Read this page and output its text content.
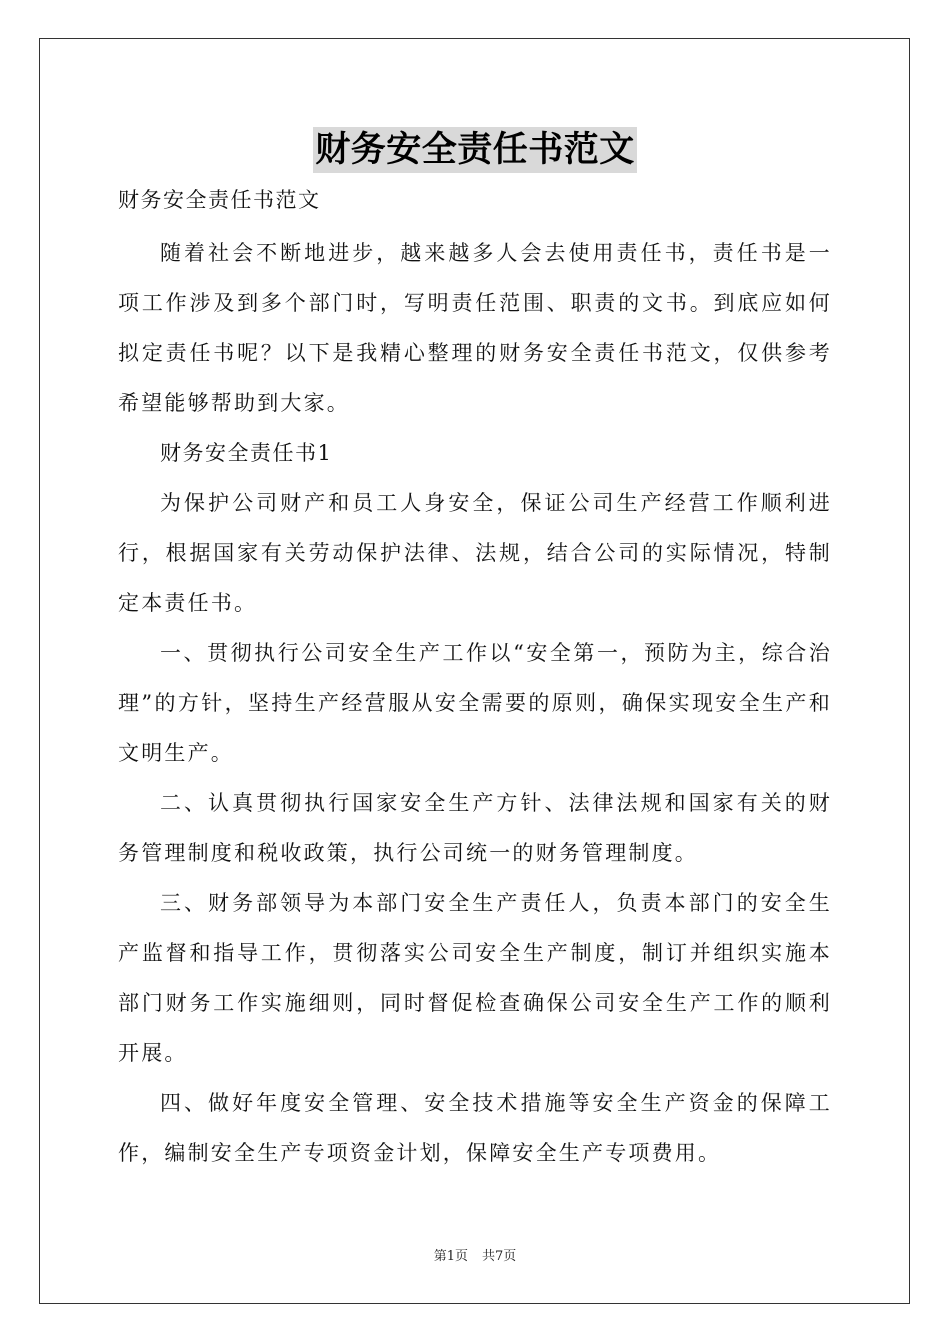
财务安全责任书范文

财务安全责任书范文

随着社会不断地进步，越来越多人会去使用责任书，责任书是一项工作涉及到多个部门时，写明责任范围、职责的文书。到底应如何拟定责任书呢？以下是我精心整理的财务安全责任书范文，仅供参考希望能够帮助到大家。

财务安全责任书1

为保护公司财产和员工人身安全，保证公司生产经营工作顺利进行，根据国家有关劳动保护法律、法规，结合公司的实际情况，特制定本责任书。

一、贯彻执行公司安全生产工作以“安全第一，预防为主，综合治理”的方针，坚持生产经营服从安全需要的原则，确保实现安全生产和文明生产。

二、认真贯彻执行国家安全生产方针、法律法规和国家有关的财务管理制度和税收政策，执行公司统一的财务管理制度。

三、财务部领导为本部门安全生产责任人，负责本部门的安全生产监督和指导工作，贯彻落实公司安全生产制度，制订并组织实施本部门财务工作实施细则，同时督促检查确保公司安全生产工作的顺利开展。

四、做好年度安全管理、安全技术措施等安全生产资金的保障工作，编制安全生产专项资金计划，保障安全生产专项费用。

第1页 共7页
